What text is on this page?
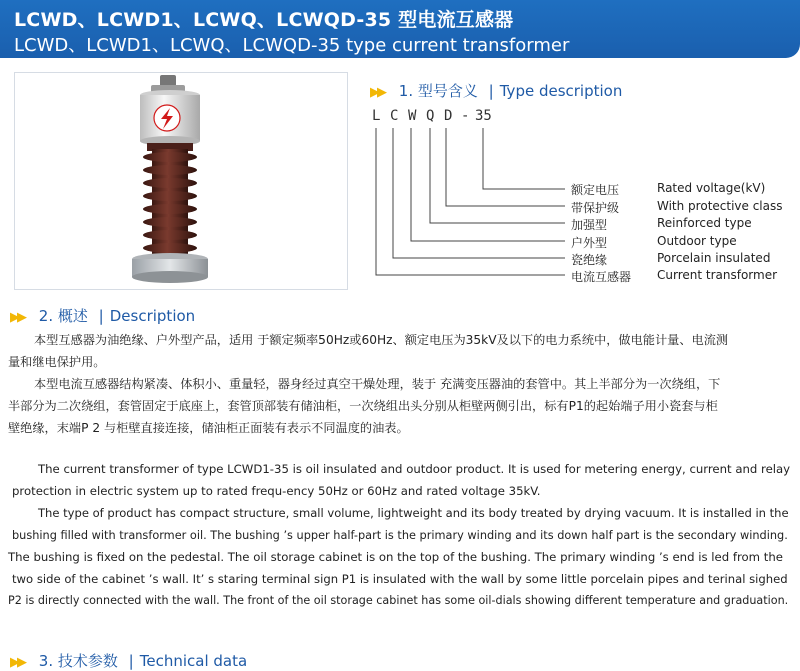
LCWD、LCWD1、LCWQ、LCWQD-35 型电流互感器
LCWD、LCWD1、LCWQ、LCWQD-35 type current transformer
▶▶ 1. 型号含义 | Type description
L C W Q D - 35
额定电压	Rated voltage(kV)
带保护级	With protective class
加强型	Reinforced type
户外型	Outdoor type
瓷绝缘	Porcelain insulated
电流互感器 Current transformer
▶▶ 2. 概述 | Description
本型互感器为油绝缘、户外型产品，适用 于额定频率50Hz或60Hz、额定电压为35kV及以下的电力系统中，做电能计量、电流测
量和继电保护用。
本型电流互感器结构紧凑、体积小、重量轻，器身经过真空干燥处理，装于 充满变压器油的套管中。其上半部分为一次绕组，下
半部分为二次绕组，套管固定于底座上，套管顶部装有储油柜，一次绕组出头分别从柜壁两侧引出，标有P1的起始端子用小瓷套与柜
壁绝缘，末端P 2 与柜壁直接连接，储油柜正面装有表示不同温度的油表。
The current transformer of type LCWD1-35 is oil insulated and outdoor product. It is used for metering energy, current and relay
protection in electric system up to rated frequ-ency 50Hz or 60Hz and rated voltage 35kV.
The type of product has compact structure, small volume, lightweight and its body treated by drying vacuum. It is installed in the
bushing filled with transformer oil. The bushing ’s upper half-part is the primary winding and its down half part is the secondary winding.
The bushing is fixed on the pedestal. The oil storage cabinet is on the top of the bushing. The primary winding ’s end is led from the
two side of the cabinet ’s wall. It’ s staring terminal sign P1 is insulated with the wall by some little porcelain pipes and terinal sighed
P2 is directly connected with the wall. The front of the oil storage cabinet has some oil-dials showing different temperature and graduation.
▶▶ 3. 技术参数 | Technical data
